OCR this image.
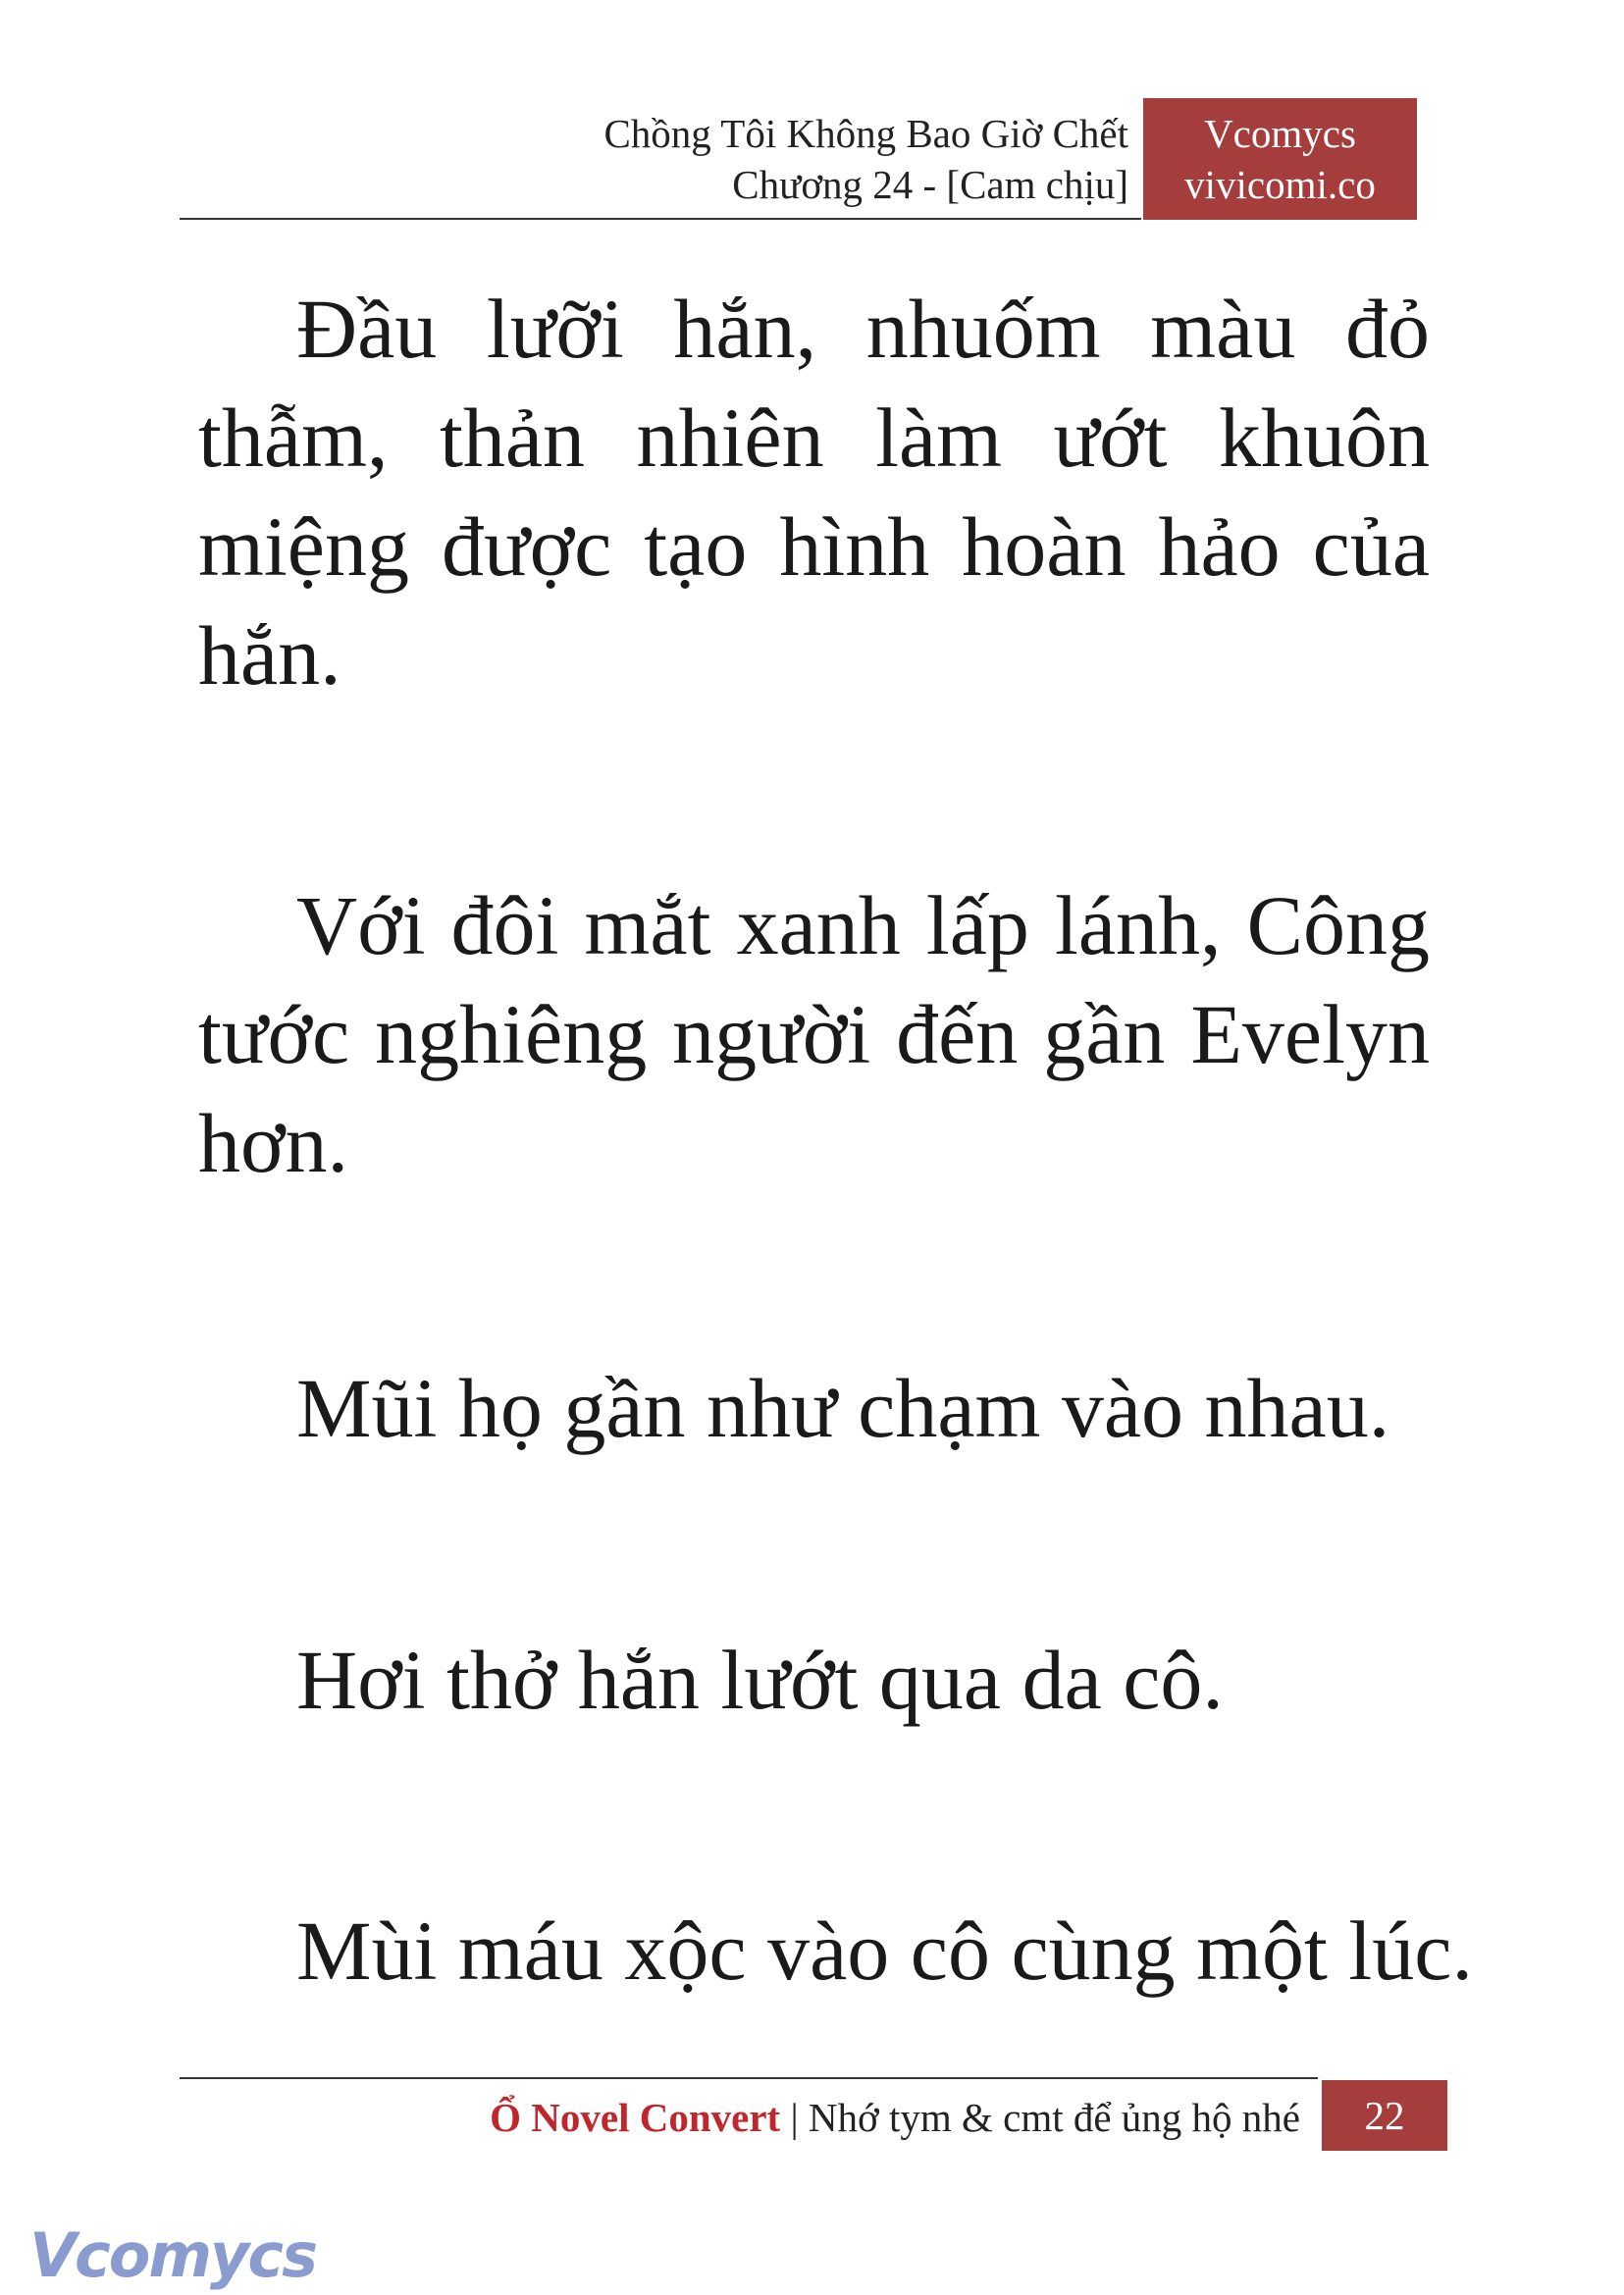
Chồng Tôi Không Bao Giờ Chết
Chương 24 - [Cam chịu]
Vcomycs
vivicomi.co

Đầu lưỡi hắn, nhuốm màu đỏ thẫm, thản nhiên làm ướt khuôn miệng được tạo hình hoàn hảo của hắn.

Với đôi mắt xanh lấp lánh, Công tước nghiêng người đến gần Evelyn hơn.

Mũi họ gần như chạm vào nhau.
Hơi thở hắn lướt qua da cô.
Mùi máu xộc vào cô cùng một lúc.
Ổ Novel Convert | Nhớ tym & cmt để ủng hộ nhé	22
Vcomycs
